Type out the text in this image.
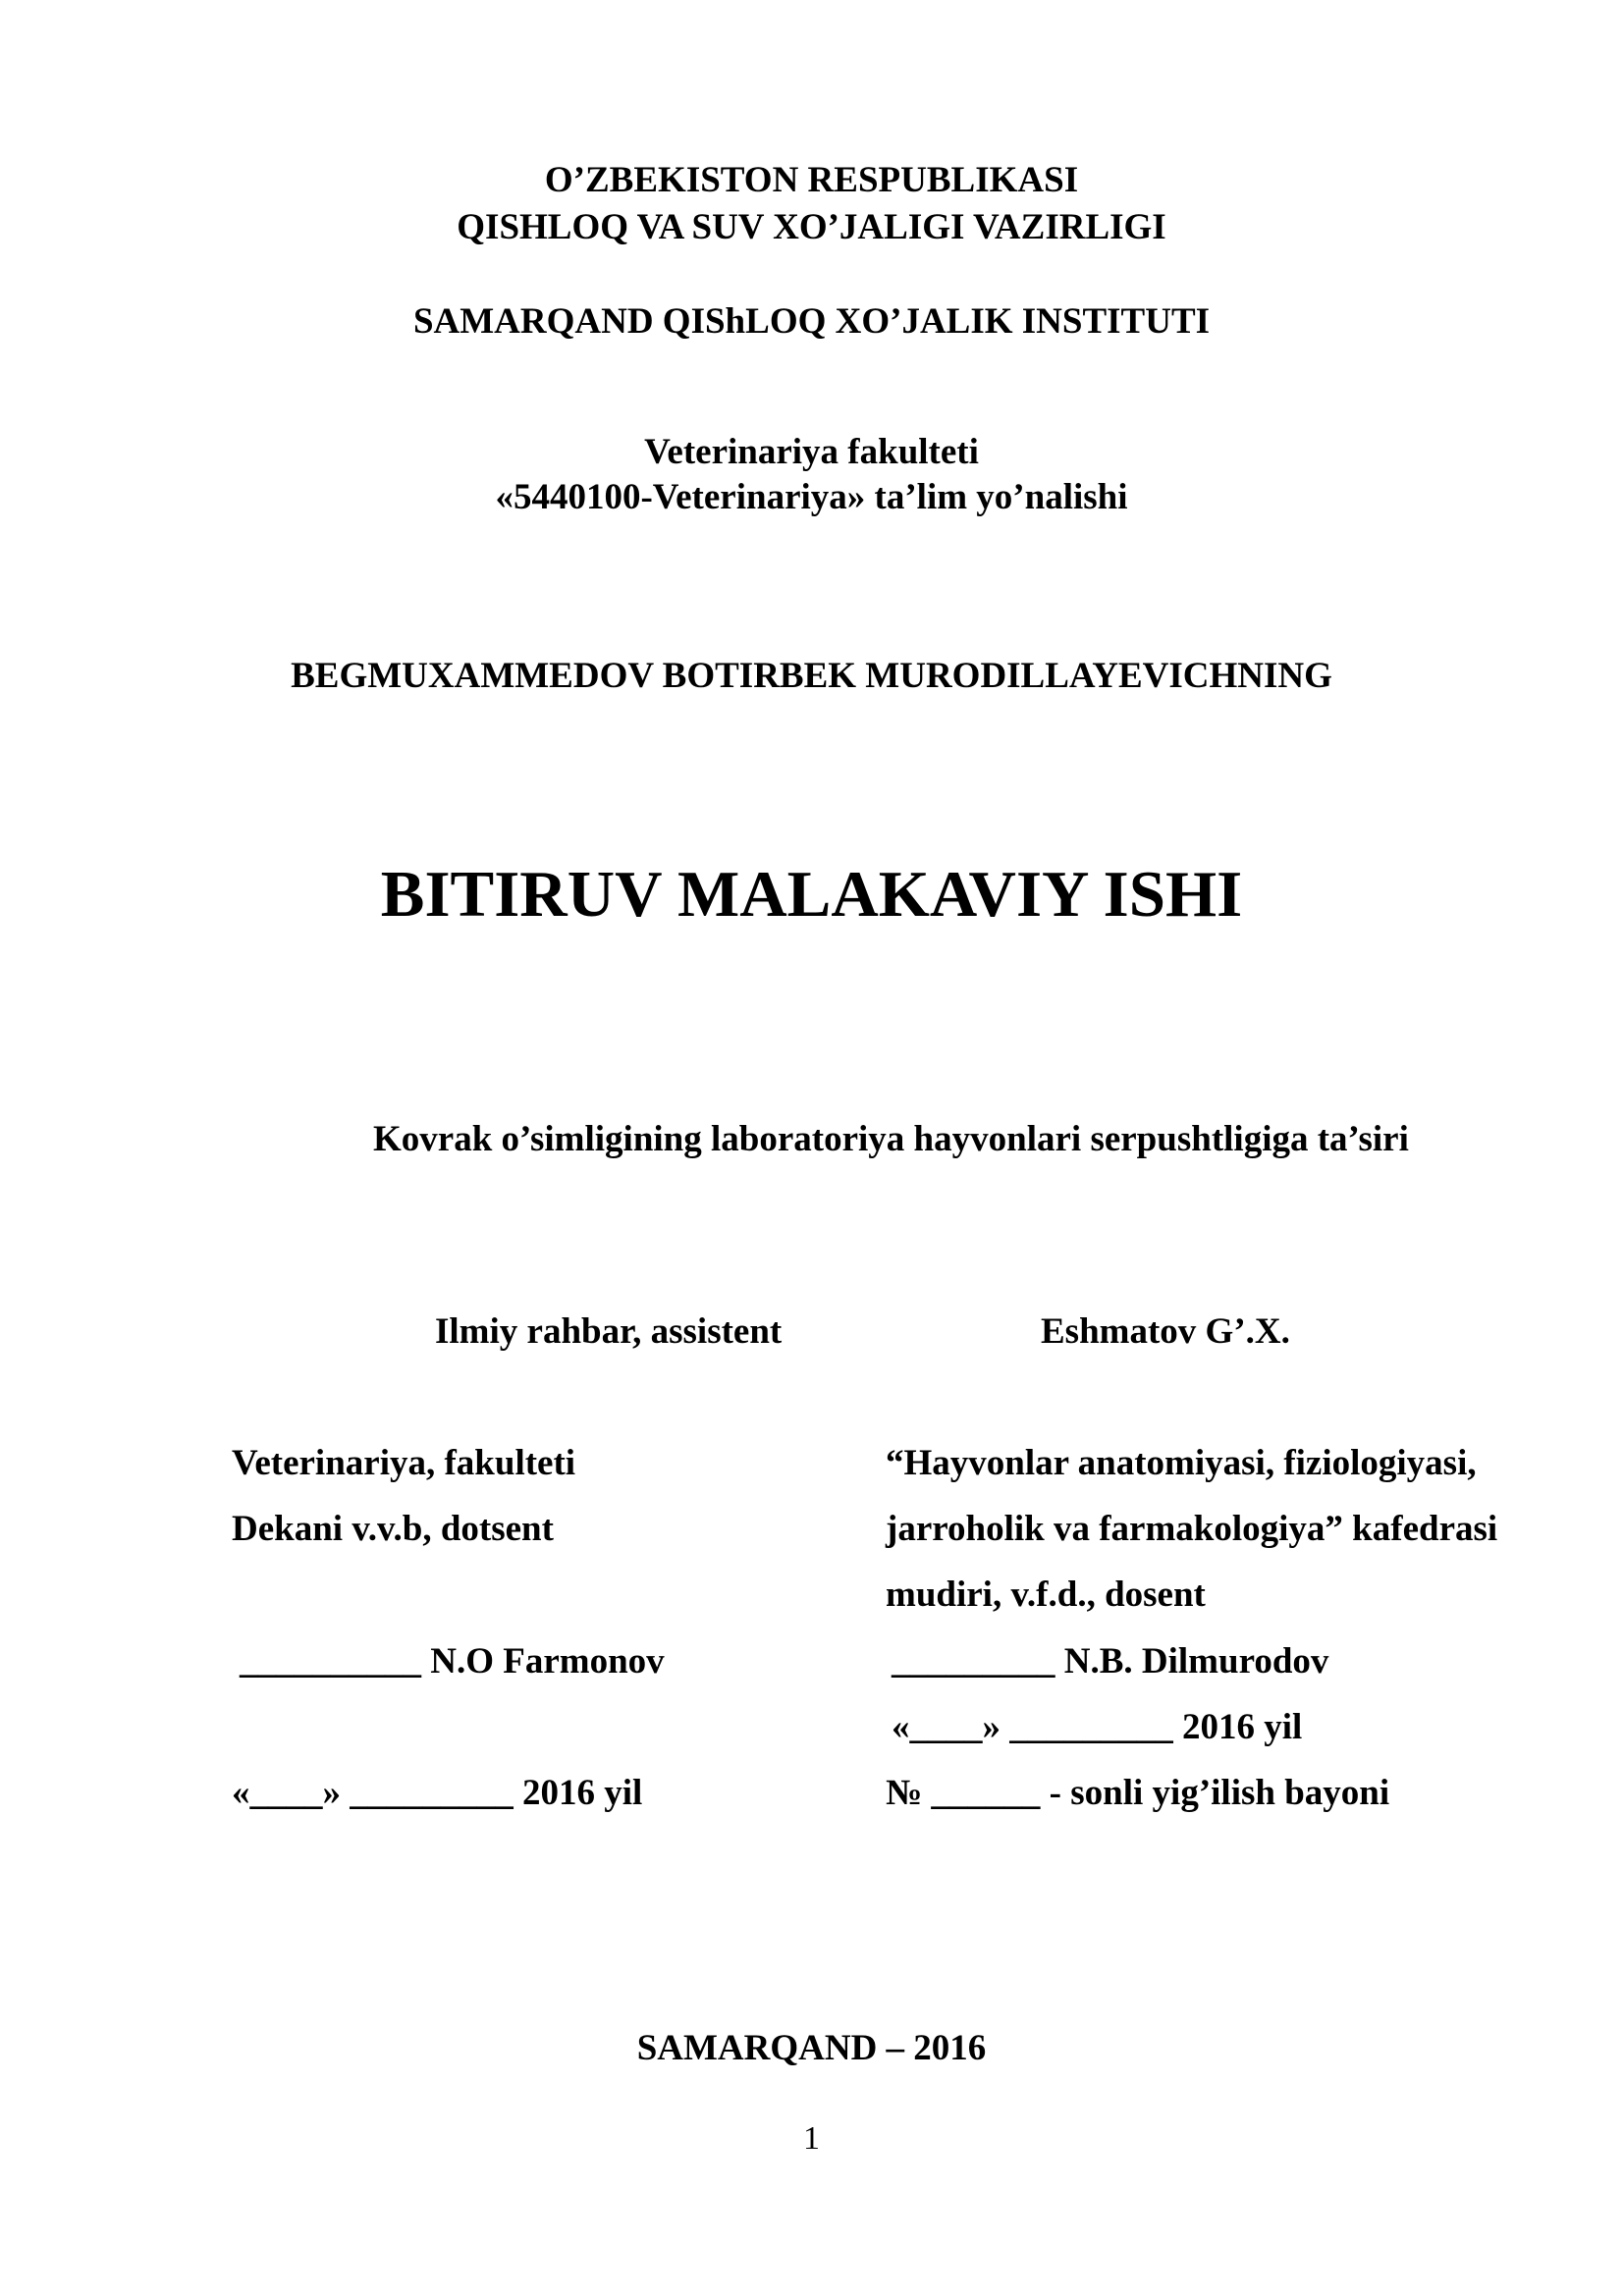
O’ZBEKISTON RESPUBLIKASI
QISHLOQ VA SUV XO’JALIGI VAZIRLIGI
SAMARQAND QIShLOQ XO’JALIK INSTITUTI
Veterinariya fakulteti
«5440100-Veterinariya» ta’lim yo’nalishi
BEGMUXAMMEDOV BOTIRBEK MURODILLAYEVICHNING
BITIRUV MALAKAVIY ISHI
Kovrak o’simligining laboratoriya hayvonlari serpushtligiga ta’siri
Ilmiy rahbar, assistent	Eshmatov G’.X.
Veterinariya, fakulteti
Dekani v.v.b, dotsent
__________ N.O Farmonov
«____» _________ 2016 yil
“Hayvonlar anatomiyasi, fiziologiyasi,
jarroholik va farmakologiya” kafedrasi
mudiri, v.f.d., dosent
_________ N.B. Dilmurodov
«____» _________ 2016 yil
№ ______ - sonli yig’ilish bayoni
SAMARQAND – 2016
1
